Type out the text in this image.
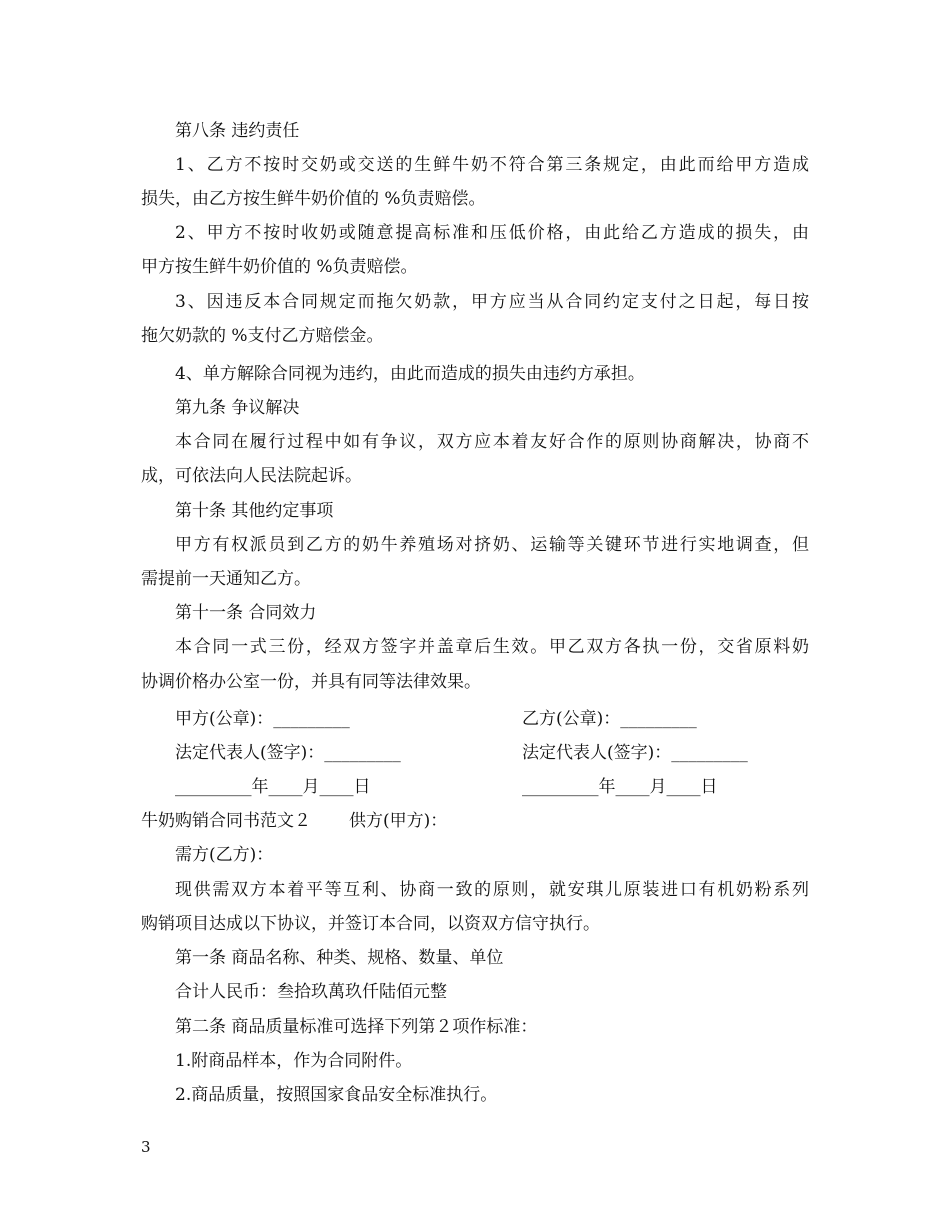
第八条 违约责任

1、乙方不按时交奶或交送的生鲜牛奶不符合第三条规定，由此而给甲方造成

损失，由乙方按生鲜牛奶价值的 %负责赔偿。

2、甲方不按时收奶或随意提高标准和压低价格，由此给乙方造成的损失，由

甲方按生鲜牛奶价值的 %负责赔偿。

3、因违反本合同规定而拖欠奶款，甲方应当从合同约定支付之日起，每日按

拖欠奶款的 %支付乙方赔偿金。

4、单方解除合同视为违约，由此而造成的损失由违约方承担。

第九条 争议解决

本合同在履行过程中如有争议，双方应本着友好合作的原则协商解决，协商不

成，可依法向人民法院起诉。

第十条 其他约定事项

甲方有权派员到乙方的奶牛养殖场对挤奶、运输等关键环节进行实地调查，但

需提前一天通知乙方。

第十一条 合同效力

本合同一式三份，经双方签字并盖章后生效。甲乙双方各执一份，交省原料奶

协调价格办公室一份，并具有同等法律效果。

甲方(公章)：_________	乙方(公章)：_________

法定代表人(签字)：_________	法定代表人(签字)：_________

_________年____月____日	_________年____月____日

牛奶购销合同书范文２ 供方(甲方)：

需方(乙方)：

现供需双方本着平等互利、协商一致的原则，就安琪儿原装进口有机奶粉系列

购销项目达成以下协议，并签订本合同，以资双方信守执行。

第一条 商品名称、种类、规格、数量、单位

合计人民币：叁拾玖萬玖仟陆佰元整

第二条 商品质量标准可选择下列第２项作标准：

1.附商品样本，作为合同附件。

2.商品质量，按照国家食品安全标准执行。

3
